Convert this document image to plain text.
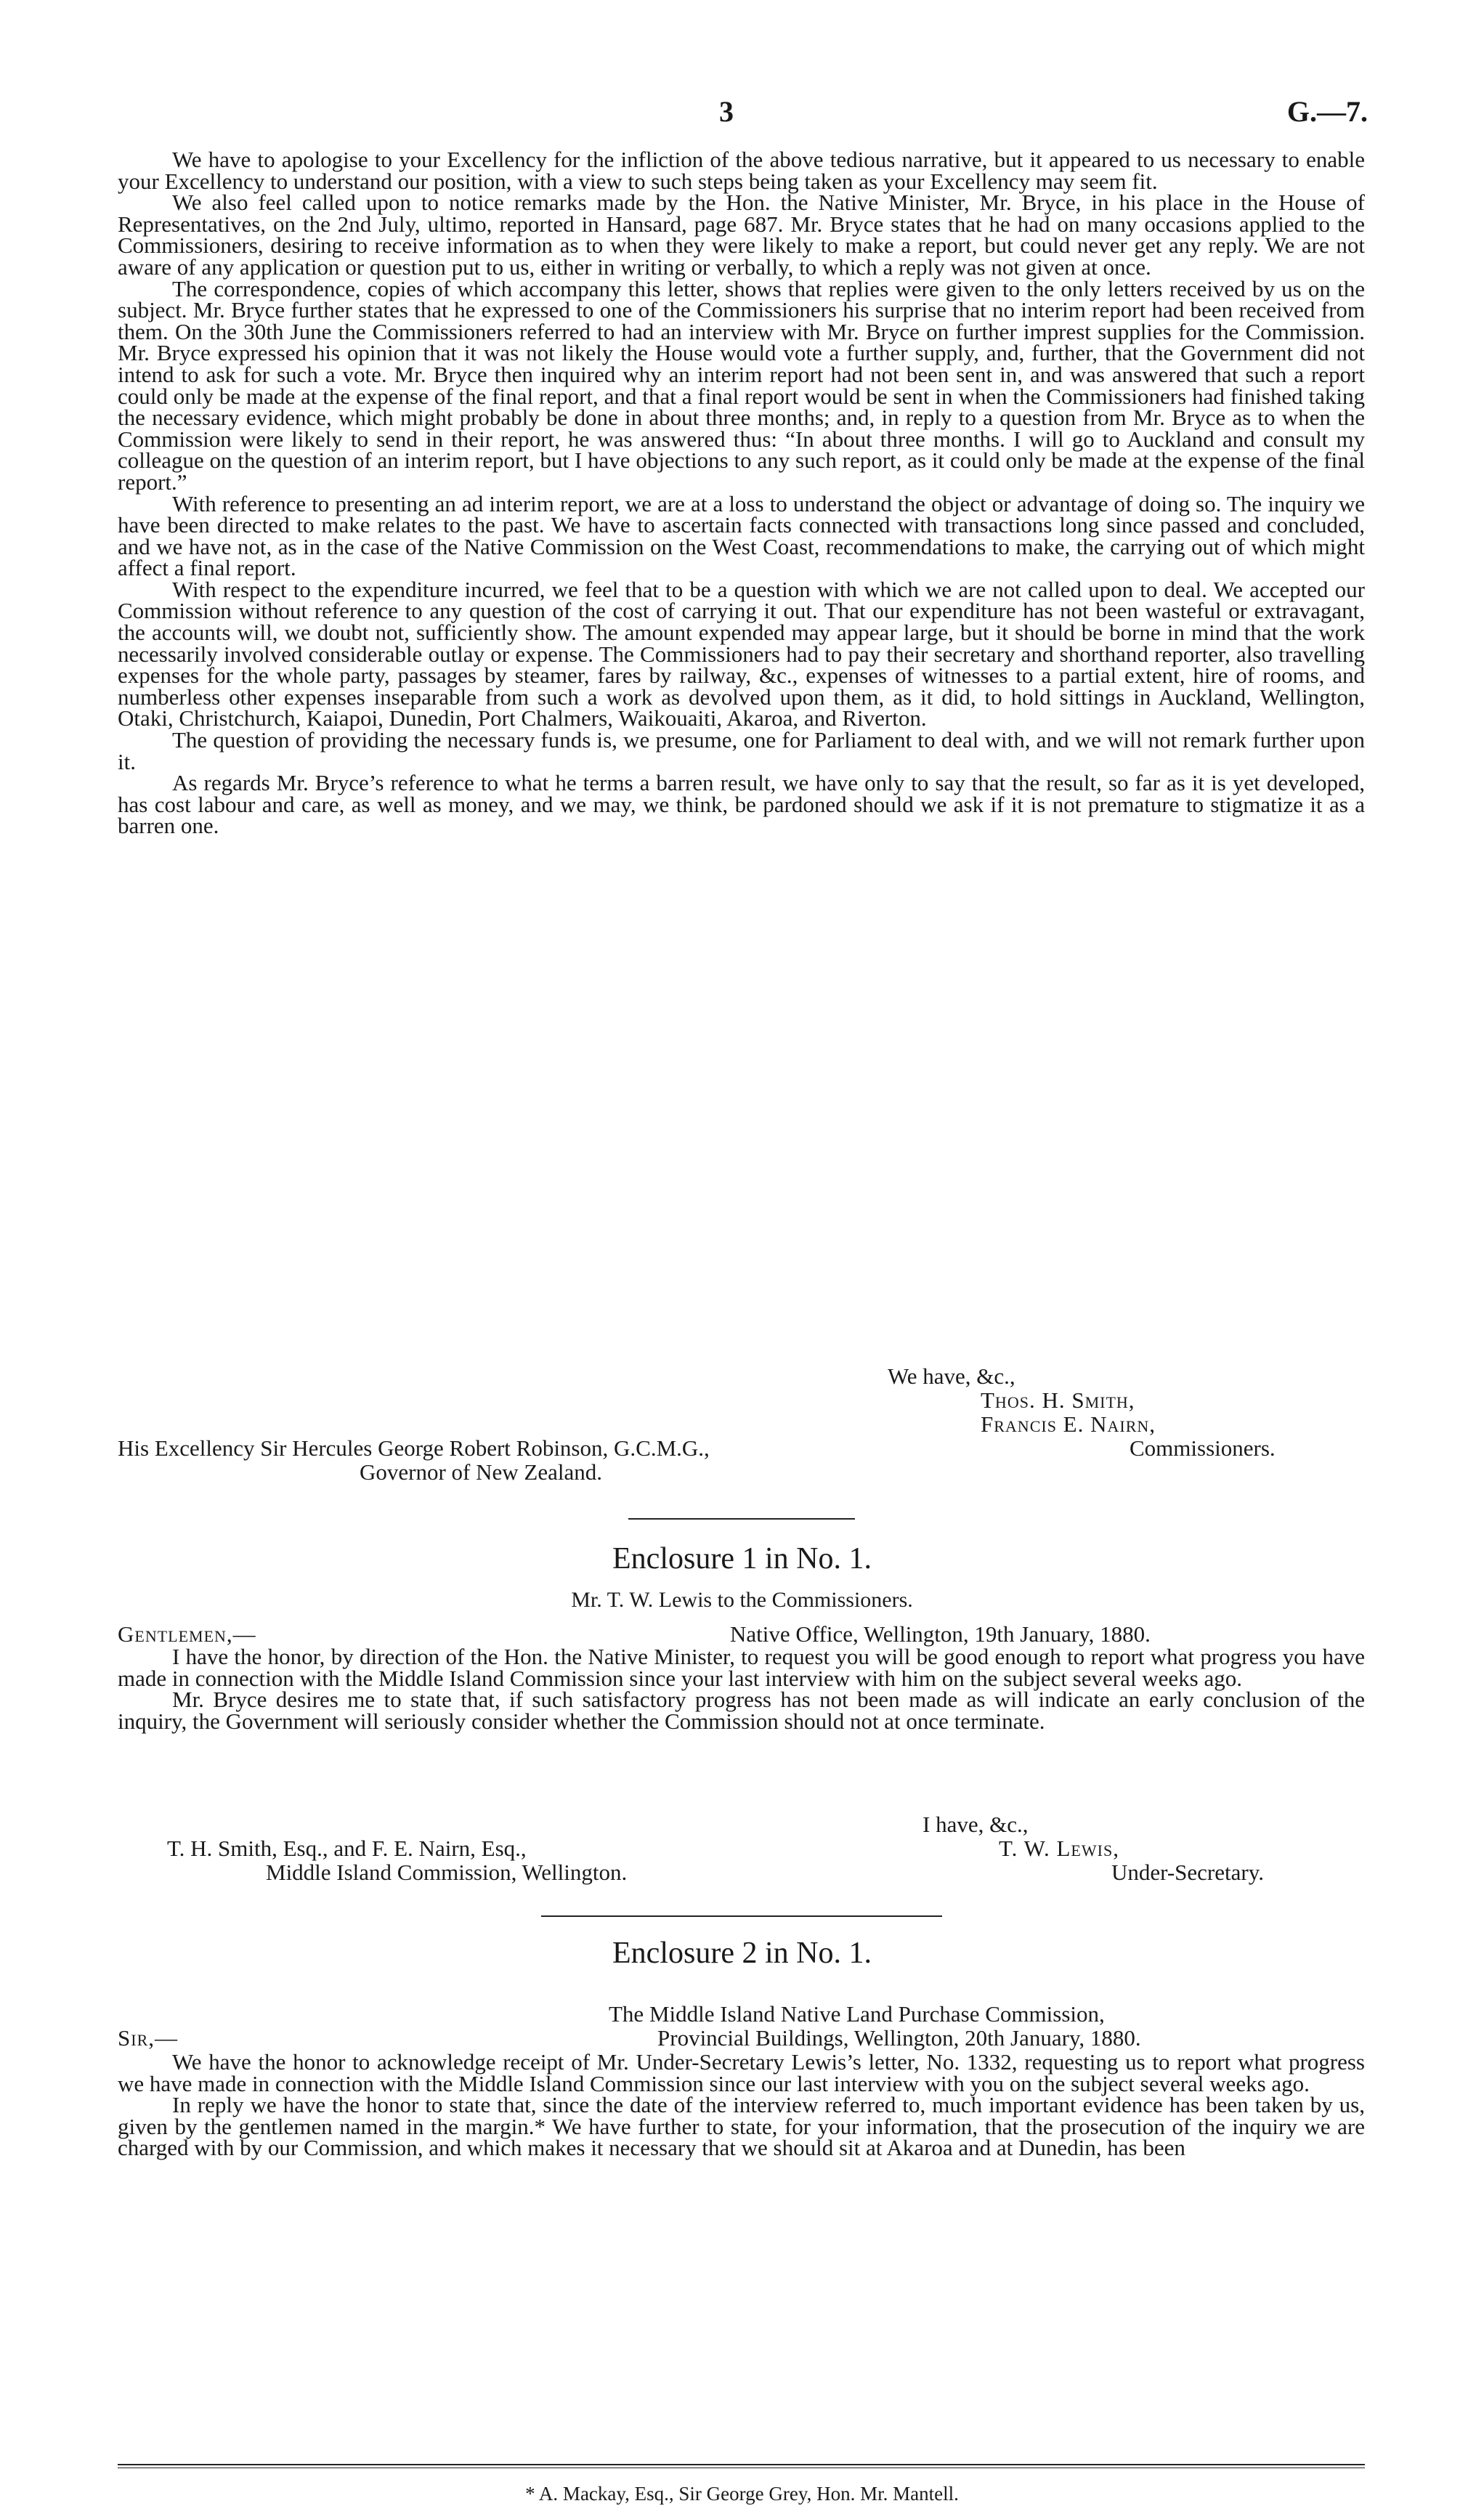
3	G.—7.

We have to apologise to your Excellency for the infliction of the above tedious narrative, but it appeared to us necessary to enable your Excellency to understand our position, with a view to such steps being taken as your Excellency may seem fit.

We also feel called upon to notice remarks made by the Hon. the Native Minister, Mr. Bryce, in his place in the House of Representatives, on the 2nd July, ultimo, reported in Hansard, page 687. Mr. Bryce states that he had on many occasions applied to the Commissioners, desiring to receive information as to when they were likely to make a report, but could never get any reply. We are not aware of any application or question put to us, either in writing or verbally, to which a reply was not given at once.

The correspondence, copies of which accompany this letter, shows that replies were given to the only letters received by us on the subject. Mr. Bryce further states that he expressed to one of the Commissioners his surprise that no interim report had been received from them. On the 30th June the Commissioners referred to had an interview with Mr. Bryce on further imprest supplies for the Commission. Mr. Bryce expressed his opinion that it was not likely the House would vote a further supply, and, further, that the Government did not intend to ask for such a vote. Mr. Bryce then inquired why an interim report had not been sent in, and was answered that such a report could only be made at the expense of the final report, and that a final report would be sent in when the Commissioners had finished taking the necessary evidence, which might probably be done in about three months; and, in reply to a question from Mr. Bryce as to when the Commission were likely to send in their report, he was answered thus: “In about three months. I will go to Auckland and consult my colleague on the question of an interim report, but I have objections to any such report, as it could only be made at the expense of the final report.”

With reference to presenting an ad interim report, we are at a loss to understand the object or advantage of doing so. The inquiry we have been directed to make relates to the past. We have to ascertain facts connected with transactions long since passed and concluded, and we have not, as in the case of the Native Commission on the West Coast, recommendations to make, the carrying out of which might affect a final report.

With respect to the expenditure incurred, we feel that to be a question with which we are not called upon to deal. We accepted our Commission without reference to any question of the cost of carrying it out. That our expenditure has not been wasteful or extravagant, the accounts will, we doubt not, sufficiently show. The amount expended may appear large, but it should be borne in mind that the work necessarily involved considerable outlay or expense. The Commissioners had to pay their secretary and shorthand reporter, also travelling expenses for the whole party, passages by steamer, fares by railway, &c., expenses of witnesses to a partial extent, hire of rooms, and numberless other expenses inseparable from such a work as devolved upon them, as it did, to hold sittings in Auckland, Wellington, Otaki, Christchurch, Kaiapoi, Dunedin, Port Chalmers, Waikouaiti, Akaroa, and Riverton.

The question of providing the necessary funds is, we presume, one for Parliament to deal with, and we will not remark further upon it.

As regards Mr. Bryce’s reference to what he terms a barren result, we have only to say that the result, so far as it is yet developed, has cost labour and care, as well as money, and we may, we think, be pardoned should we ask if it is not premature to stigmatize it as a barren one.

We have, &c.,
Thos. H. Smith,
Francis E. Nairn,
His Excellency Sir Hercules George Robert Robinson, G.C.M.G.,	Commissioners.
Governor of New Zealand.
Enclosure 1 in No. 1.
Mr. T. W. Lewis to the Commissioners.
Gentlemen,—	Native Office, Wellington, 19th January, 1880.

I have the honor, by direction of the Hon. the Native Minister, to request you will be good enough to report what progress you have made in connection with the Middle Island Commission since your last interview with him on the subject several weeks ago.

Mr. Bryce desires me to state that, if such satisfactory progress has not been made as will indicate an early conclusion of the inquiry, the Government will seriously consider whether the Commission should not at once terminate.

I have, &c.,
T. H. Smith, Esq., and F. E. Nairn, Esq.,	T. W. Lewis,
Middle Island Commission, Wellington.	Under-Secretary.
Enclosure 2 in No. 1.
The Middle Island Native Land Purchase Commission,
Sir,—	Provincial Buildings, Wellington, 20th January, 1880.

We have the honor to acknowledge receipt of Mr. Under-Secretary Lewis’s letter, No. 1332, requesting us to report what progress we have made in connection with the Middle Island Commission since our last interview with you on the subject several weeks ago.

In reply we have the honor to state that, since the date of the interview referred to, much important evidence has been taken by us, given by the gentlemen named in the margin.* We have further to state, for your information, that the prosecution of the inquiry we are charged with by our Commission, and which makes it necessary that we should sit at Akaroa and at Dunedin, has been

* A. Mackay, Esq., Sir George Grey, Hon. Mr. Mantell.
